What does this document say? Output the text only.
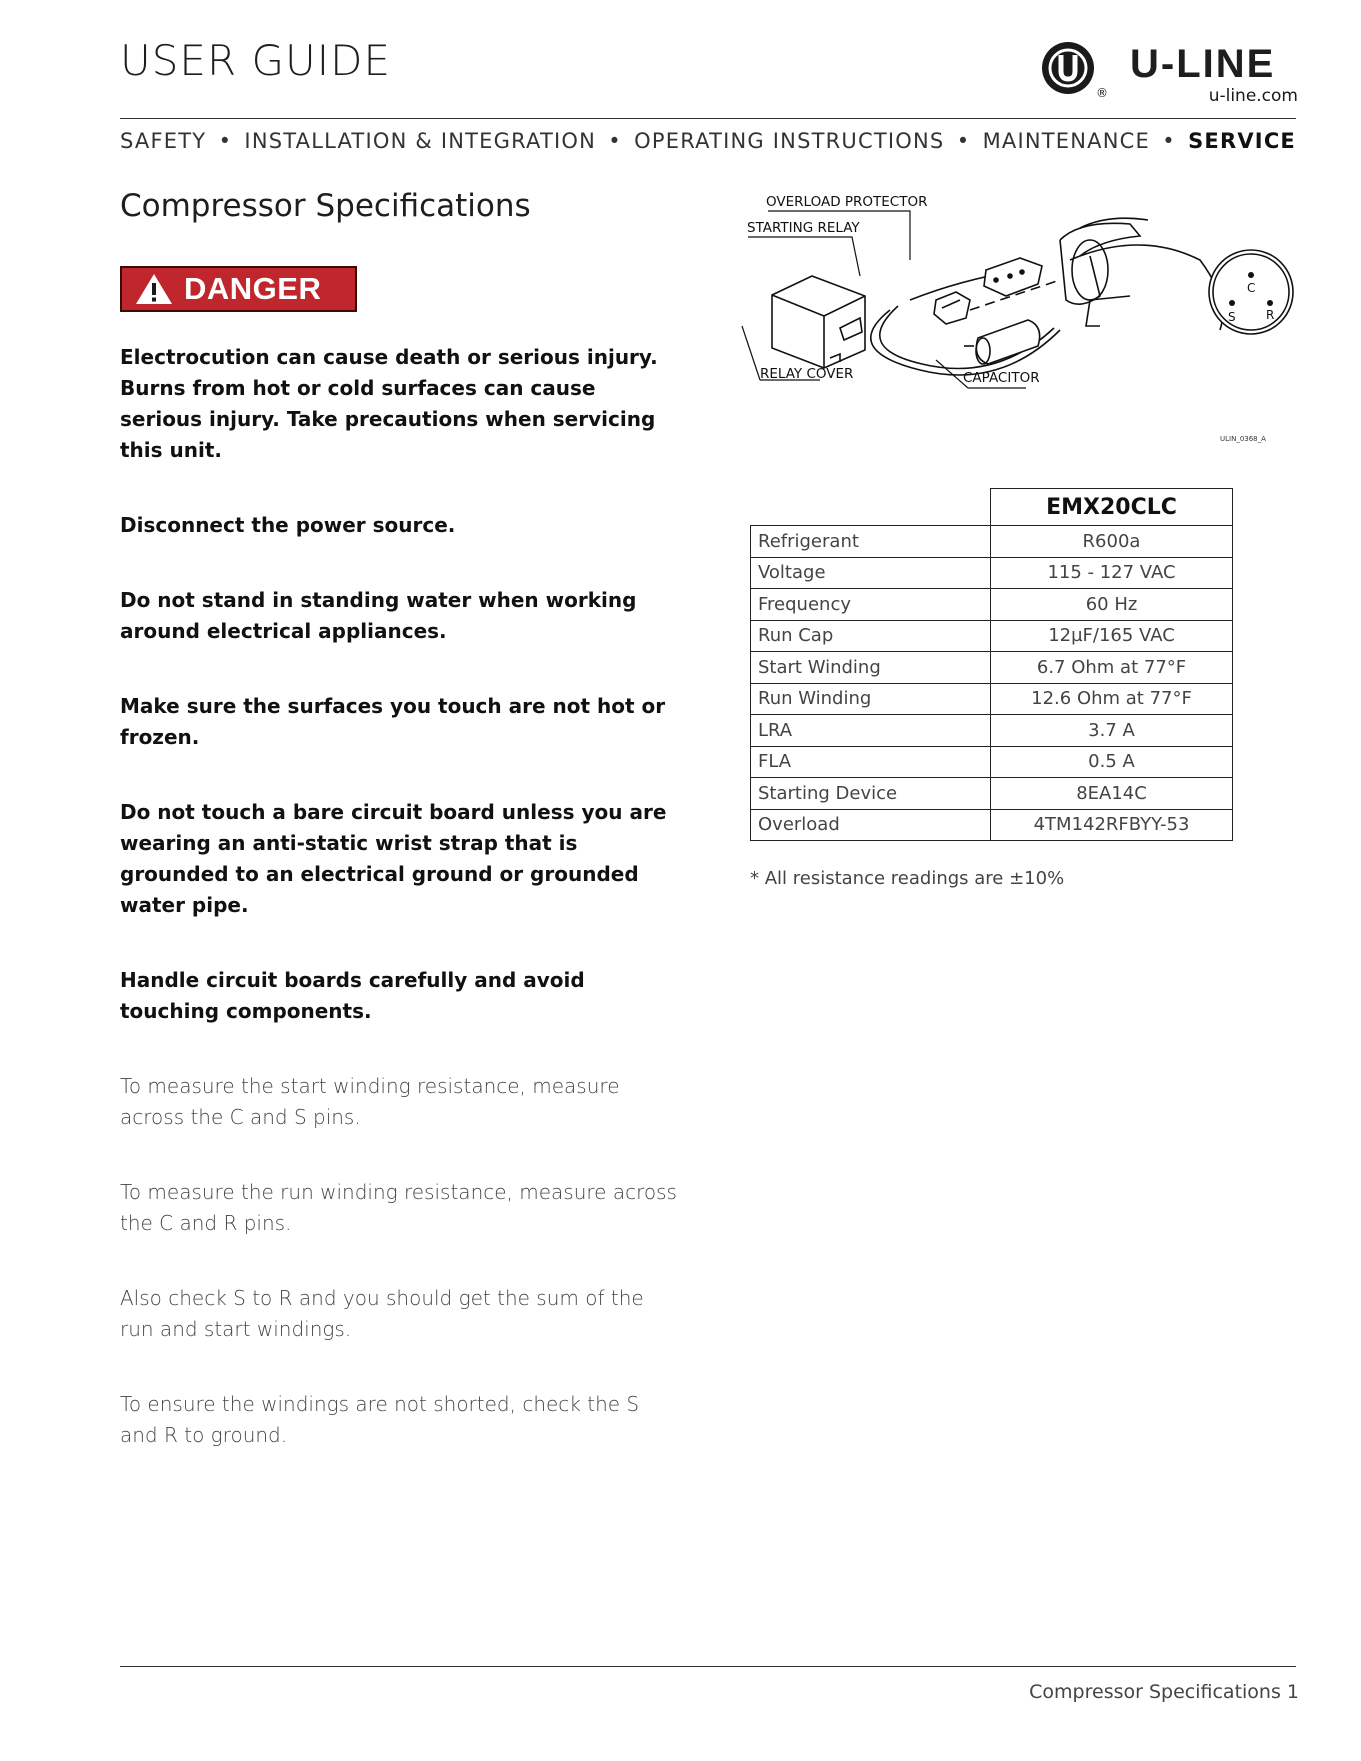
USER GUIDE
®
U-LINE
u-line.com
SAFETY • INSTALLATION & INTEGRATION • OPERATING INSTRUCTIONS • MAINTENANCE • SERVICE
Compressor Specifications
DANGER

Electrocution can cause death or serious injury. Burns from hot or cold surfaces can cause serious injury. Take precautions when servicing this unit.

Disconnect the power source.

Do not stand in standing water when working around electrical appliances.

Make sure the surfaces you touch are not hot or frozen.

Do not touch a bare circuit board unless you are wearing an anti-static wrist strap that is grounded to an electrical ground or grounded water pipe.

Handle circuit boards carefully and avoid touching components.

To measure the start winding resistance, measure across the C and S pins.

To measure the run winding resistance, measure across the C and R pins.

Also check S to R and you should get the sum of the run and start windings.

To ensure the windings are not shorted, check the S and R to ground.

OVERLOAD PROTECTOR
STARTING RELAY
RELAY COVER	CAPACITOR
C
S	R
ULIN_0368_A
	EMX20CLC
Refrigerant	R600a
Voltage	115 - 127 VAC
Frequency	60 Hz
Run Cap	12µF/165 VAC
Start Winding	6.7 Ohm at 77°F
Run Winding	12.6 Ohm at 77°F
LRA	3.7 A
FLA	0.5 A
Starting Device	8EA14C
Overload	4TM142RFBYY-53
* All resistance readings are ±10%
Compressor Specifications 1
